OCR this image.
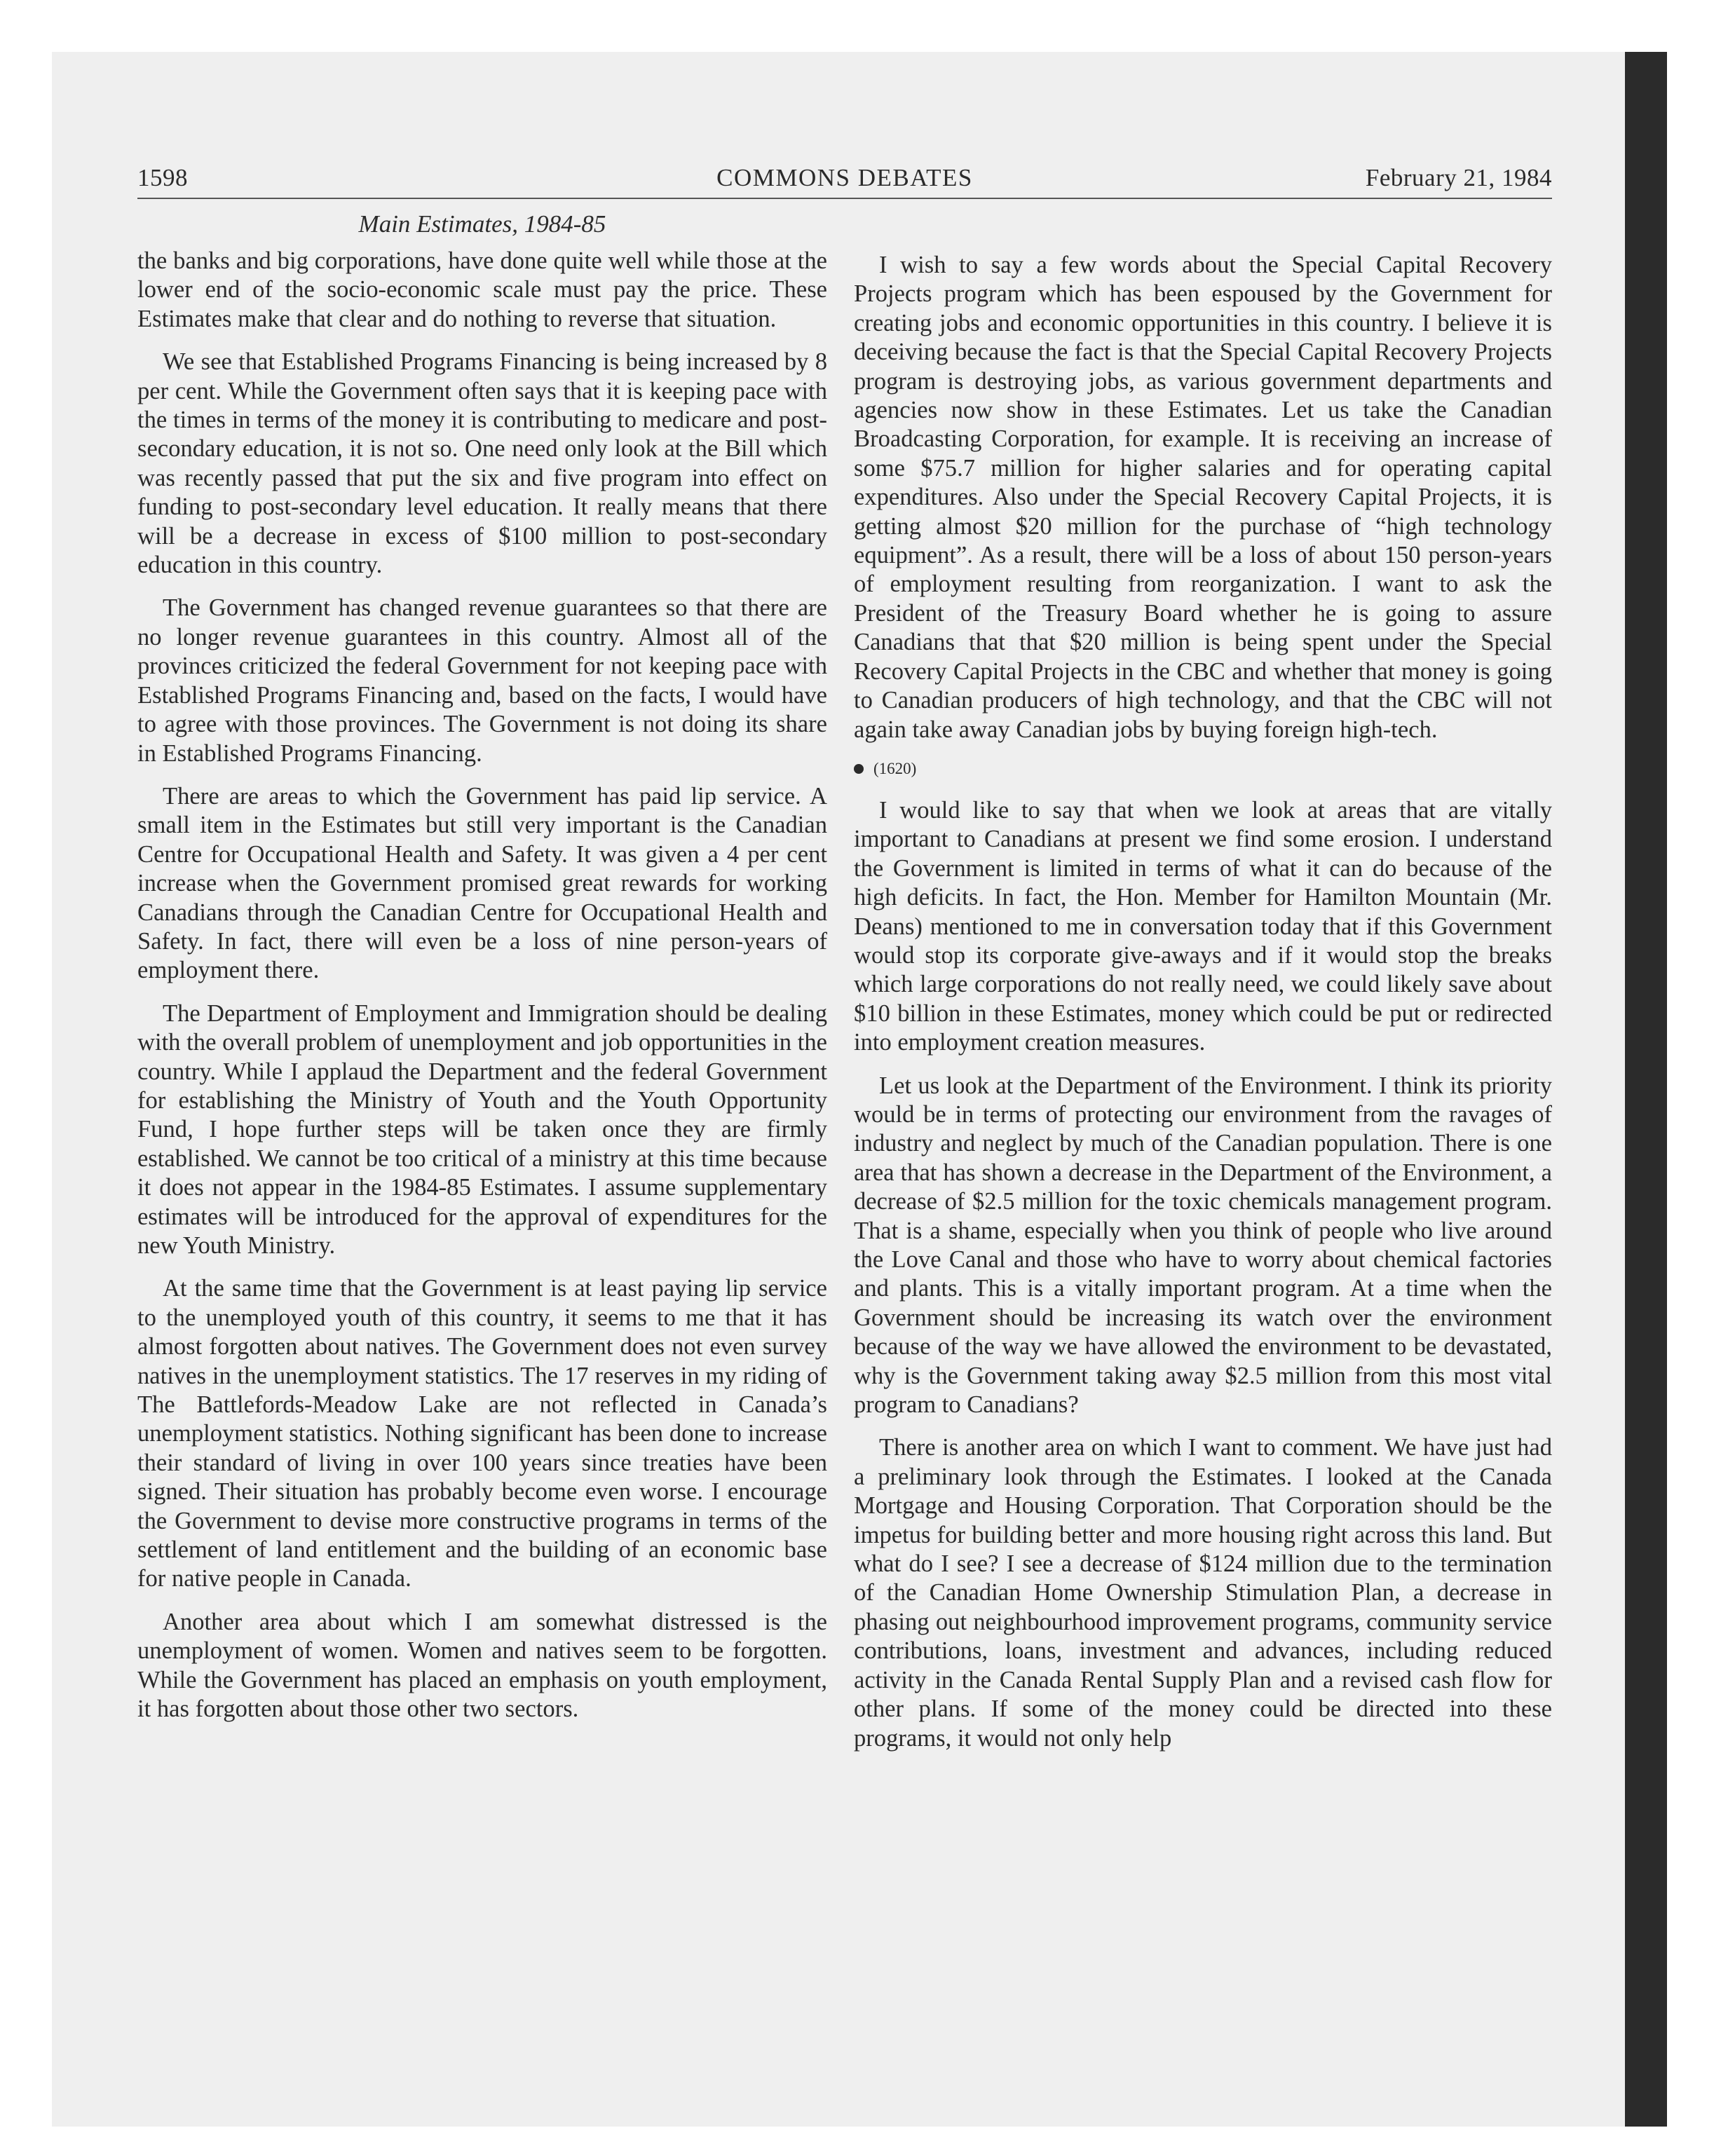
1598	COMMONS DEBATES	February 21, 1984
Main Estimates, 1984-85

the banks and big corporations, have done quite well while those at the lower end of the socio-economic scale must pay the price. These Estimates make that clear and do nothing to reverse that situation.

We see that Established Programs Financing is being increased by 8 per cent. While the Government often says that it is keeping pace with the times in terms of the money it is contributing to medicare and post-secondary education, it is not so. One need only look at the Bill which was recently passed that put the six and five program into effect on funding to post-secondary level education. It really means that there will be a decrease in excess of $100 million to post-secondary education in this country.

The Government has changed revenue guarantees so that there are no longer revenue guarantees in this country. Almost all of the provinces criticized the federal Government for not keeping pace with Established Programs Financing and, based on the facts, I would have to agree with those provinces. The Government is not doing its share in Established Programs Financing.

There are areas to which the Government has paid lip service. A small item in the Estimates but still very important is the Canadian Centre for Occupational Health and Safety. It was given a 4 per cent increase when the Government promised great rewards for working Canadians through the Canadian Centre for Occupational Health and Safety. In fact, there will even be a loss of nine person-years of employment there.

The Department of Employment and Immigration should be dealing with the overall problem of unemployment and job opportunities in the country. While I applaud the Department and the federal Government for establishing the Ministry of Youth and the Youth Opportunity Fund, I hope further steps will be taken once they are firmly established. We cannot be too critical of a ministry at this time because it does not appear in the 1984-85 Estimates. I assume supplementary estimates will be introduced for the approval of expenditures for the new Youth Ministry.

At the same time that the Government is at least paying lip service to the unemployed youth of this country, it seems to me that it has almost forgotten about natives. The Government does not even survey natives in the unemployment statistics. The 17 reserves in my riding of The Battlefords-Meadow Lake are not reflected in Canada’s unemployment statistics. Nothing significant has been done to increase their standard of living in over 100 years since treaties have been signed. Their situation has probably become even worse. I encourage the Government to devise more constructive programs in terms of the settlement of land entitlement and the building of an economic base for native people in Canada.

Another area about which I am somewhat distressed is the unemployment of women. Women and natives seem to be forgotten. While the Government has placed an emphasis on youth employment, it has forgotten about those other two sectors.

I wish to say a few words about the Special Capital Recovery Projects program which has been espoused by the Government for creating jobs and economic opportunities in this country. I believe it is deceiving because the fact is that the Special Capital Recovery Projects program is destroying jobs, as various government departments and agencies now show in these Estimates. Let us take the Canadian Broadcasting Corporation, for example. It is receiving an increase of some $75.7 million for higher salaries and for operating capital expenditures. Also under the Special Recovery Capital Projects, it is getting almost $20 million for the purchase of “high technology equipment”. As a result, there will be a loss of about 150 person-years of employment resulting from reorganization. I want to ask the President of the Treasury Board whether he is going to assure Canadians that that $20 million is being spent under the Special Recovery Capital Projects in the CBC and whether that money is going to Canadian producers of high technology, and that the CBC will not again take away Canadian jobs by buying foreign high-tech.

(1620)

I would like to say that when we look at areas that are vitally important to Canadians at present we find some erosion. I understand the Government is limited in terms of what it can do because of the high deficits. In fact, the Hon. Member for Hamilton Mountain (Mr. Deans) mentioned to me in conversation today that if this Government would stop its corporate give-aways and if it would stop the breaks which large corporations do not really need, we could likely save about $10 billion in these Estimates, money which could be put or redirected into employment creation measures.

Let us look at the Department of the Environment. I think its priority would be in terms of protecting our environment from the ravages of industry and neglect by much of the Canadian population. There is one area that has shown a decrease in the Department of the Environment, a decrease of $2.5 million for the toxic chemicals management program. That is a shame, especially when you think of people who live around the Love Canal and those who have to worry about chemical factories and plants. This is a vitally important program. At a time when the Government should be increasing its watch over the environment because of the way we have allowed the environment to be devastated, why is the Government taking away $2.5 million from this most vital program to Canadians?

There is another area on which I want to comment. We have just had a preliminary look through the Estimates. I looked at the Canada Mortgage and Housing Corporation. That Corporation should be the impetus for building better and more housing right across this land. But what do I see? I see a decrease of $124 million due to the termination of the Canadian Home Ownership Stimulation Plan, a decrease in phasing out neighbourhood improvement programs, community service contributions, loans, investment and advances, including reduced activity in the Canada Rental Supply Plan and a revised cash flow for other plans. If some of the money could be directed into these programs, it would not only help
